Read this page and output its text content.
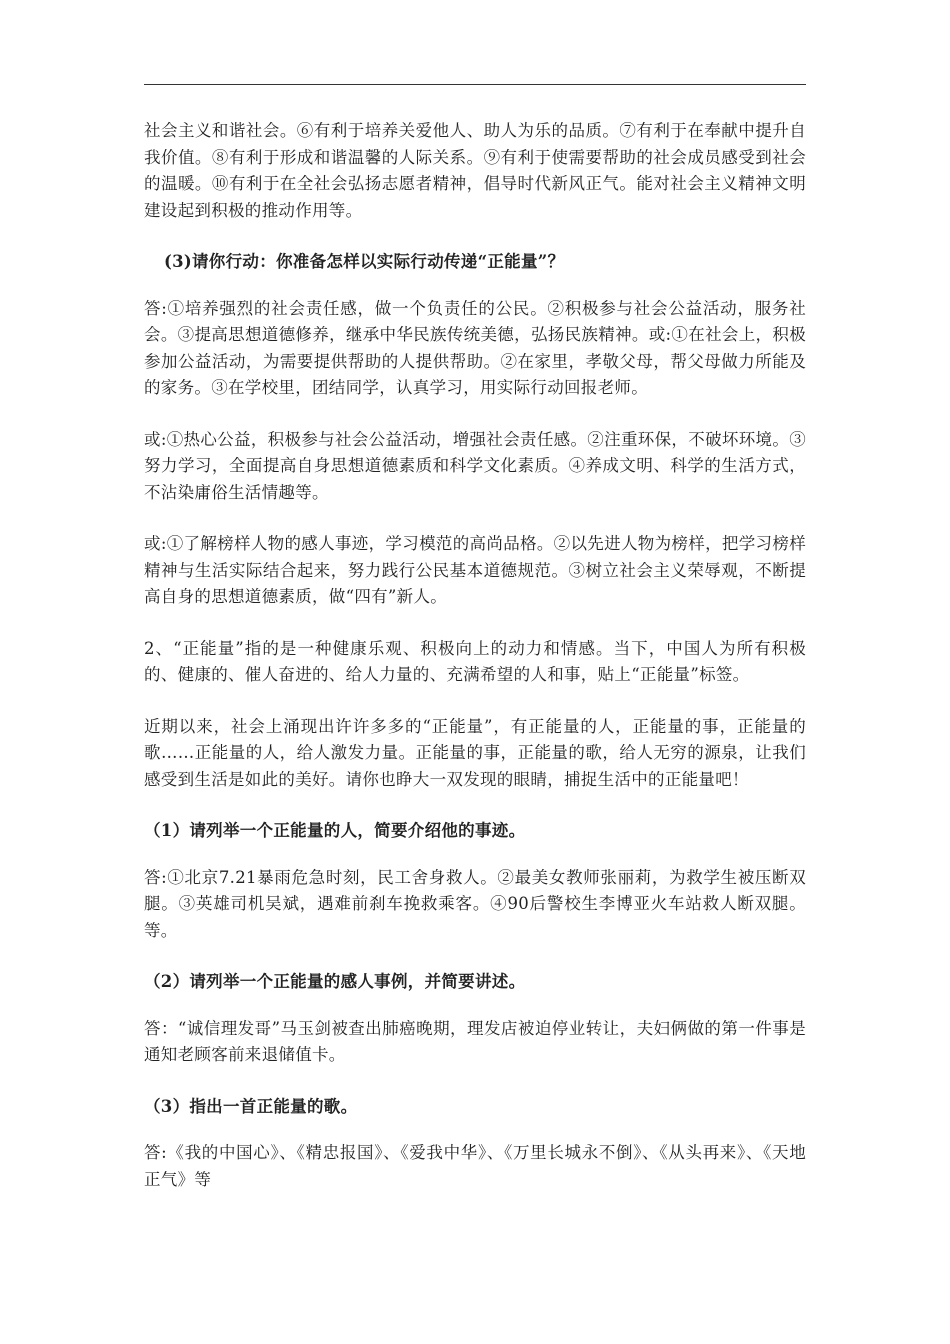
社会主义和谐社会。⑥有利于培养关爱他人、助人为乐的品质。⑦有利于在奉献中提升自我价值。⑧有利于形成和谐温馨的人际关系。⑨有利于使需要帮助的社会成员感受到社会的温暖。⑩有利于在全社会弘扬志愿者精神，倡导时代新风正气。能对社会主义精神文明建设起到积极的推动作用等。

(3)请你行动：你准备怎样以实际行动传递“正能量”？

答:①培养强烈的社会责任感，做一个负责任的公民。②积极参与社会公益活动，服务社会。③提高思想道德修养，继承中华民族传统美德，弘扬民族精神。或:①在社会上，积极参加公益活动，为需要提供帮助的人提供帮助。②在家里，孝敬父母，帮父母做力所能及的家务。③在学校里，团结同学，认真学习，用实际行动回报老师。

或:①热心公益，积极参与社会公益活动，增强社会责任感。②注重环保，不破坏环境。③努力学习，全面提高自身思想道德素质和科学文化素质。④养成文明、科学的生活方式，不沾染庸俗生活情趣等。

或:①了解榜样人物的感人事迹，学习模范的高尚品格。②以先进人物为榜样，把学习榜样精神与生活实际结合起来，努力践行公民基本道德规范。③树立社会主义荣辱观，不断提高自身的思想道德素质，做“四有”新人。

2、“正能量”指的是一种健康乐观、积极向上的动力和情感。当下，中国人为所有积极的、健康的、催人奋进的、给人力量的、充满希望的人和事，贴上“正能量”标签。

近期以来，社会上涌现出许许多多的“正能量”，有正能量的人，正能量的事，正能量的歌……正能量的人，给人激发力量。正能量的事，正能量的歌，给人无穷的源泉，让我们感受到生活是如此的美好。请你也睁大一双发现的眼睛，捕捉生活中的正能量吧！

（1）请列举一个正能量的人，简要介绍他的事迹。

答:①北京7.21暴雨危急时刻，民工舍身救人。②最美女教师张丽莉，为救学生被压断双腿。③英雄司机吴斌，遇难前刹车挽救乘客。④90后警校生李博亚火车站救人断双腿。等。

（2）请列举一个正能量的感人事例，并简要讲述。

答：“诚信理发哥”马玉剑被查出肺癌晚期，理发店被迫停业转让，夫妇俩做的第一件事是通知老顾客前来退储值卡。

（3）指出一首正能量的歌。

答:《我的中国心》、《精忠报国》、《爱我中华》、《万里长城永不倒》、《从头再来》、《天地正气》等
